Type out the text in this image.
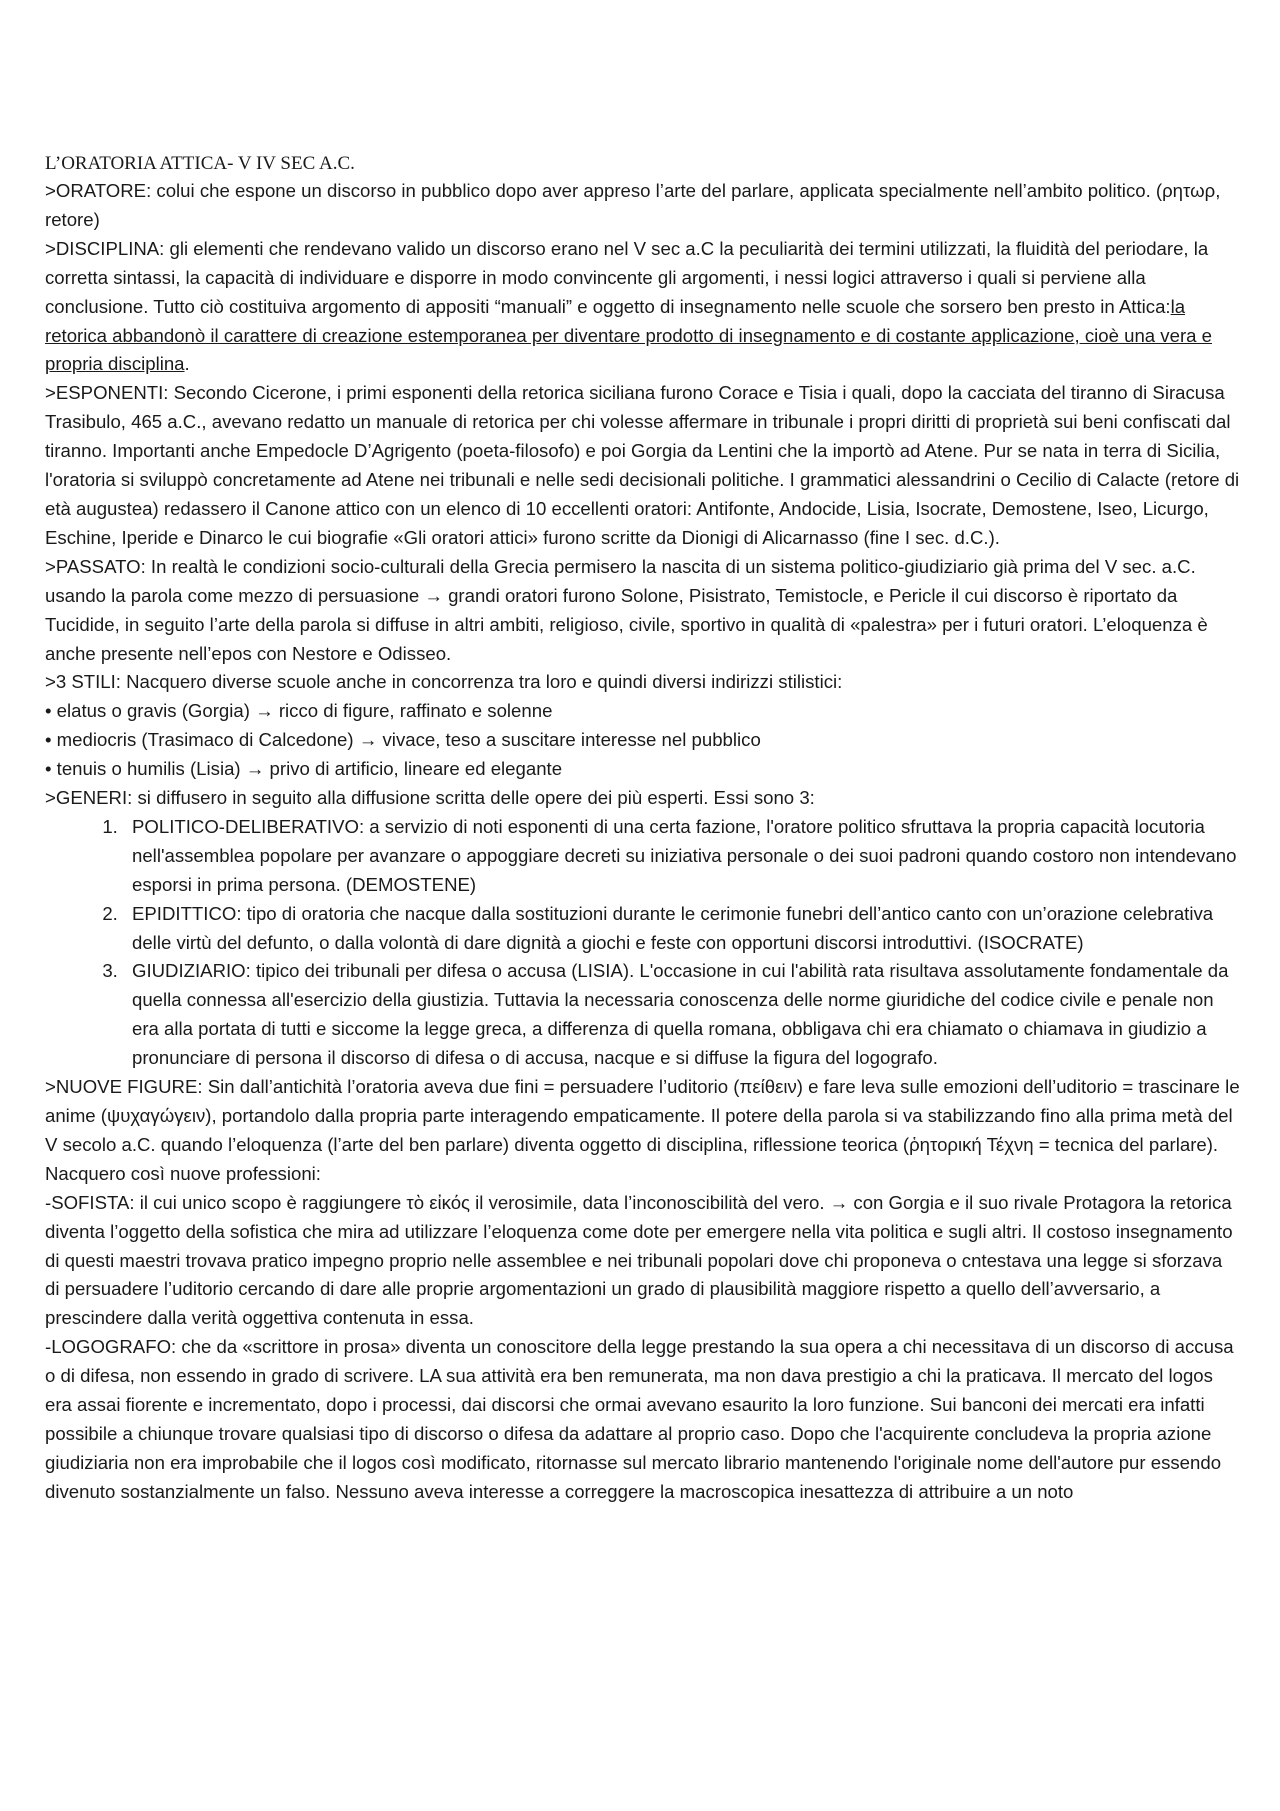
L’ORATORIA ATTICA- V IV SEC A.C.

>ORATORE: colui che espone un discorso in pubblico dopo aver appreso l’arte del parlare, applicata specialmente nell’ambito politico. (ρητωρ, retore)

>DISCIPLINA: gli elementi che rendevano valido un discorso erano nel V sec a.C la peculiarità dei termini utilizzati, la fluidità del periodare, la corretta sintassi, la capacità di individuare e disporre in modo convincente gli argomenti, i nessi logici attraverso i quali si perviene alla conclusione. Tutto ciò costituiva argomento di appositi “manuali” e oggetto di insegnamento nelle scuole che sorsero ben presto in Attica:la retorica abbandonò il carattere di creazione estemporanea per diventare prodotto di insegnamento e di costante applicazione, cioè una vera e propria disciplina.

>ESPONENTI: Secondo Cicerone, i primi esponenti della retorica siciliana furono Corace e Tisia i quali, dopo la cacciata del tiranno di Siracusa Trasibulo, 465 a.C., avevano redatto un manuale di retorica per chi volesse affermare in tribunale i propri diritti di proprietà sui beni confiscati dal tiranno. Importanti anche Empedocle D’Agrigento (poeta-filosofo) e poi Gorgia da Lentini che la importò ad Atene. Pur se nata in terra di Sicilia, l'oratoria si sviluppò concretamente ad Atene nei tribunali e nelle sedi decisionali politiche. I grammatici alessandrini o Cecilio di Calacte (retore di età augustea) redassero il Canone attico con un elenco di 10 eccellenti oratori: Antifonte, Andocide, Lisia, Isocrate, Demostene, Iseo, Licurgo, Eschine, Iperide e Dinarco le cui biografie «Gli oratori attici» furono scritte da Dionigi di Alicarnasso (fine I sec. d.C.).

>PASSATO: In realtà le condizioni socio-culturali della Grecia permisero la nascita di un sistema politico-giudiziario già prima del V sec. a.C. usando la parola come mezzo di persuasione → grandi oratori furono Solone, Pisistrato, Temistocle, e Pericle il cui discorso è riportato da Tucidide, in seguito l’arte della parola si diffuse in altri ambiti, religioso, civile, sportivo in qualità di «palestra» per i futuri oratori. L’eloquenza è anche presente nell’epos con Nestore e Odisseo.

>3 STILI: Nacquero diverse scuole anche in concorrenza tra loro e quindi diversi indirizzi stilistici:

• elatus o gravis (Gorgia) → ricco di figure, raffinato e solenne

• mediocris (Trasimaco di Calcedone) → vivace, teso a suscitare interesse nel pubblico

• tenuis o humilis (Lisia) → privo di artificio, lineare ed elegante

>GENERI: si diffusero in seguito alla diffusione scritta delle opere dei più esperti. Essi sono 3:

1. POLITICO-DELIBERATIVO: a servizio di noti esponenti di una certa fazione, l'oratore politico sfruttava la propria capacità locutoria nell'assemblea popolare per avanzare o appoggiare decreti su iniziativa personale o dei suoi padroni quando costoro non intendevano esporsi in prima persona. (DEMOSTENE)
2. EPIDITTICO: tipo di oratoria che nacque dalla sostituzioni durante le cerimonie funebri dell’antico canto con un’orazione celebrativa delle virtù del defunto, o dalla volontà di dare dignità a giochi e feste con opportuni discorsi introduttivi. (ISOCRATE)
3. GIUDIZIARIO: tipico dei tribunali per difesa o accusa (LISIA). L'occasione in cui l'abilità rata risultava assolutamente fondamentale da quella connessa all'esercizio della giustizia. Tuttavia la necessaria conoscenza delle norme giuridiche del codice civile e penale non era alla portata di tutti e siccome la legge greca, a differenza di quella romana, obbligava chi era chiamato o chiamava in giudizio a pronunciare di persona il discorso di difesa o di accusa, nacque e si diffuse la figura del logografo.

>NUOVE FIGURE: Sin dall’antichità l’oratoria aveva due fini = persuadere l’uditorio (πείθειν) e fare leva sulle emozioni dell’uditorio = trascinare le anime (ψυχαγώγειν), portandolo dalla propria parte interagendo empaticamente. Il potere della parola si va stabilizzando fino alla prima metà del V secolo a.C. quando l’eloquenza (l’arte del ben parlare) diventa oggetto di disciplina, riflessione teorica (ῥητορική Τέχνη = tecnica del parlare). Nacquero così nuove professioni:

-SOFISTA: il cui unico scopo è raggiungere τὸ εἰκός il verosimile, data l’inconoscibilità del vero. → con Gorgia e il suo rivale Protagora la retorica diventa l’oggetto della sofistica che mira ad utilizzare l’eloquenza come dote per emergere nella vita politica e sugli altri. Il costoso insegnamento di questi maestri trovava pratico impegno proprio nelle assemblee e nei tribunali popolari dove chi proponeva o cntestava una legge si sforzava di persuadere l’uditorio cercando di dare alle proprie argomentazioni un grado di plausibilità maggiore rispetto a quello dell’avversario, a prescindere dalla verità oggettiva contenuta in essa.

-LOGOGRAFO: che da «scrittore in prosa» diventa un conoscitore della legge prestando la sua opera a chi necessitava di un discorso di accusa o di difesa, non essendo in grado di scrivere. LA sua attività era ben remunerata, ma non dava prestigio a chi la praticava. Il mercato del logos era assai fiorente e incrementato, dopo i processi, dai discorsi che ormai avevano esaurito la loro funzione. Sui banconi dei mercati era infatti possibile a chiunque trovare qualsiasi tipo di discorso o difesa da adattare al proprio caso. Dopo che l'acquirente concludeva la propria azione giudiziaria non era improbabile che il logos così modificato, ritornasse sul mercato librario mantenendo l'originale nome dell'autore pur essendo divenuto sostanzialmente un falso. Nessuno aveva interesse a correggere la macroscopica inesattezza di attribuire a un noto
